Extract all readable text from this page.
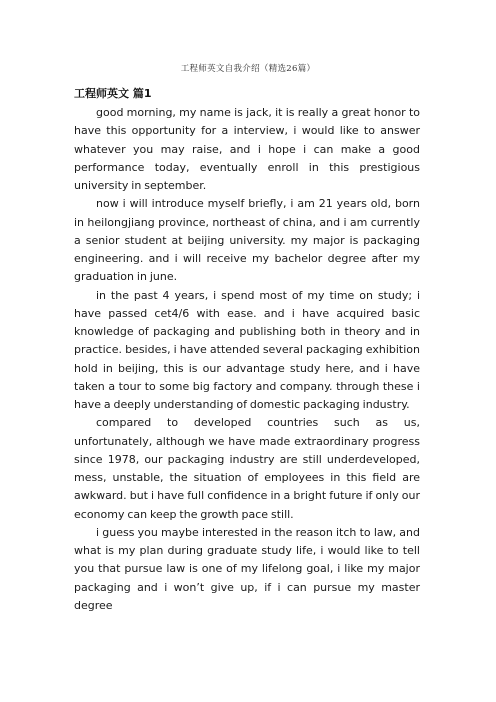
工程师英文自我介绍（精选26篇）
工程师英文 篇1

good morning, my name is jack, it is really a great honor to have this opportunity for a interview, i would like to answer whatever you may raise, and i hope i can make a good performance today, eventually enroll in this prestigious university in september.

now i will introduce myself briefly, i am 21 years old, born in heilongjiang province, northeast of china, and i am currently a senior student at beijing university. my major is packaging engineering. and i will receive my bachelor degree after my graduation in june.

in the past 4 years, i spend most of my time on study; i have passed cet4/6 with ease. and i have acquired basic knowledge of packaging and publishing both in theory and in practice. besides, i have attended several packaging exhibition hold in beijing, this is our advantage study here, and i have taken a tour to some big factory and company. through these i have a deeply understanding of domestic packaging industry.

compared to developed countries such as us, unfortunately, although we have made extraordinary progress since 1978, our packaging industry are still underdeveloped, mess, unstable, the situation of employees in this field are awkward. but i have full confidence in a bright future if only our economy can keep the growth pace still.

i guess you maybe interested in the reason itch to law, and what is my plan during graduate study life, i would like to tell you that pursue law is one of my lifelong goal, i like my major packaging and i won’t give up, if i can pursue my master degree
